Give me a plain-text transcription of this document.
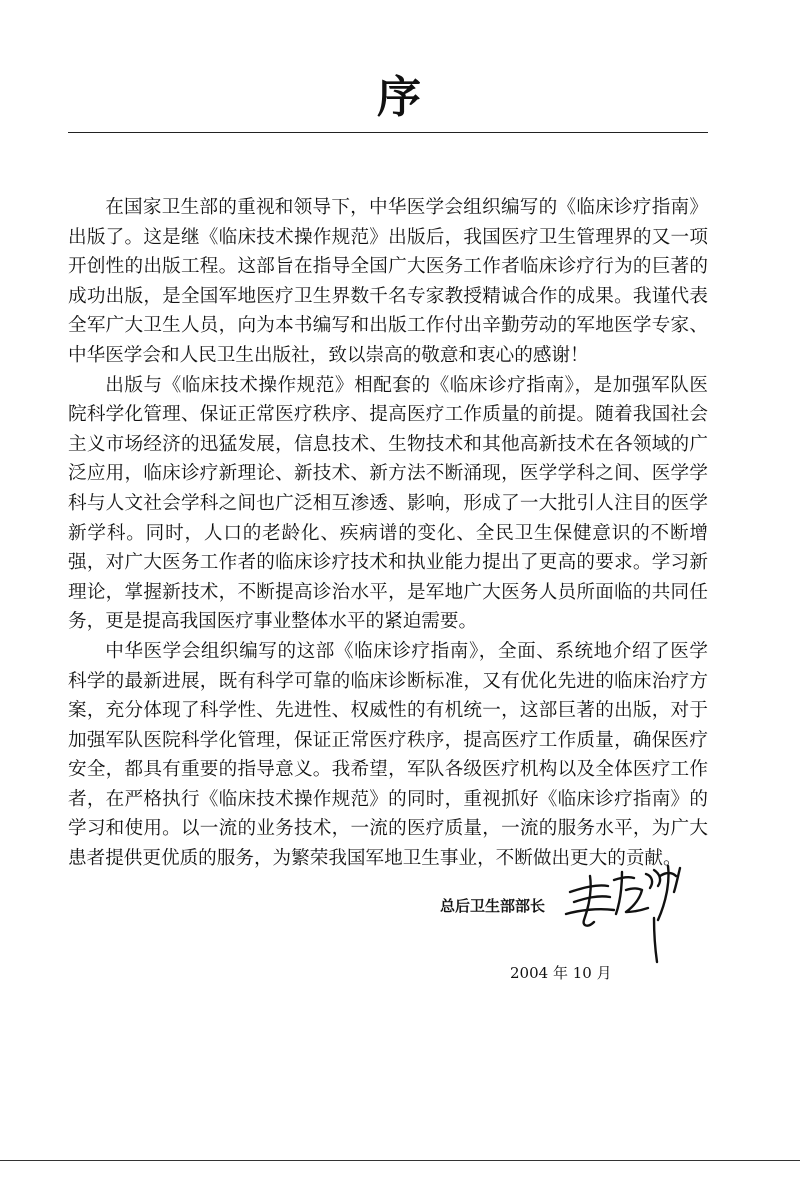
序

在国家卫生部的重视和领导下，中华医学会组织编写的《临床诊疗指南》出版了。这是继《临床技术操作规范》出版后，我国医疗卫生管理界的又一项开创性的出版工程。这部旨在指导全国广大医务工作者临床诊疗行为的巨著的成功出版，是全国军地医疗卫生界数千名专家教授精诚合作的成果。我谨代表全军广大卫生人员，向为本书编写和出版工作付出辛勤劳动的军地医学专家、中华医学会和人民卫生出版社，致以崇高的敬意和衷心的感谢！

出版与《临床技术操作规范》相配套的《临床诊疗指南》，是加强军队医院科学化管理、保证正常医疗秩序、提高医疗工作质量的前提。随着我国社会主义市场经济的迅猛发展，信息技术、生物技术和其他高新技术在各领域的广泛应用，临床诊疗新理论、新技术、新方法不断涌现，医学学科之间、医学学科与人文社会学科之间也广泛相互渗透、影响，形成了一大批引人注目的医学新学科。同时，人口的老龄化、疾病谱的变化、全民卫生保健意识的不断增强，对广大医务工作者的临床诊疗技术和执业能力提出了更高的要求。学习新理论，掌握新技术，不断提高诊治水平，是军地广大医务人员所面临的共同任务，更是提高我国医疗事业整体水平的紧迫需要。

中华医学会组织编写的这部《临床诊疗指南》，全面、系统地介绍了医学科学的最新进展，既有科学可靠的临床诊断标准，又有优化先进的临床治疗方案，充分体现了科学性、先进性、权威性的有机统一，这部巨著的出版，对于加强军队医院科学化管理，保证正常医疗秩序，提高医疗工作质量，确保医疗安全，都具有重要的指导意义。我希望，军队各级医疗机构以及全体医疗工作者，在严格执行《临床技术操作规范》的同时，重视抓好《临床诊疗指南》的学习和使用。以一流的业务技术，一流的医疗质量，一流的服务水平，为广大患者提供更优质的服务，为繁荣我国军地卫生事业，不断做出更大的贡献。

总后卫生部部长
2004 年 10 月
